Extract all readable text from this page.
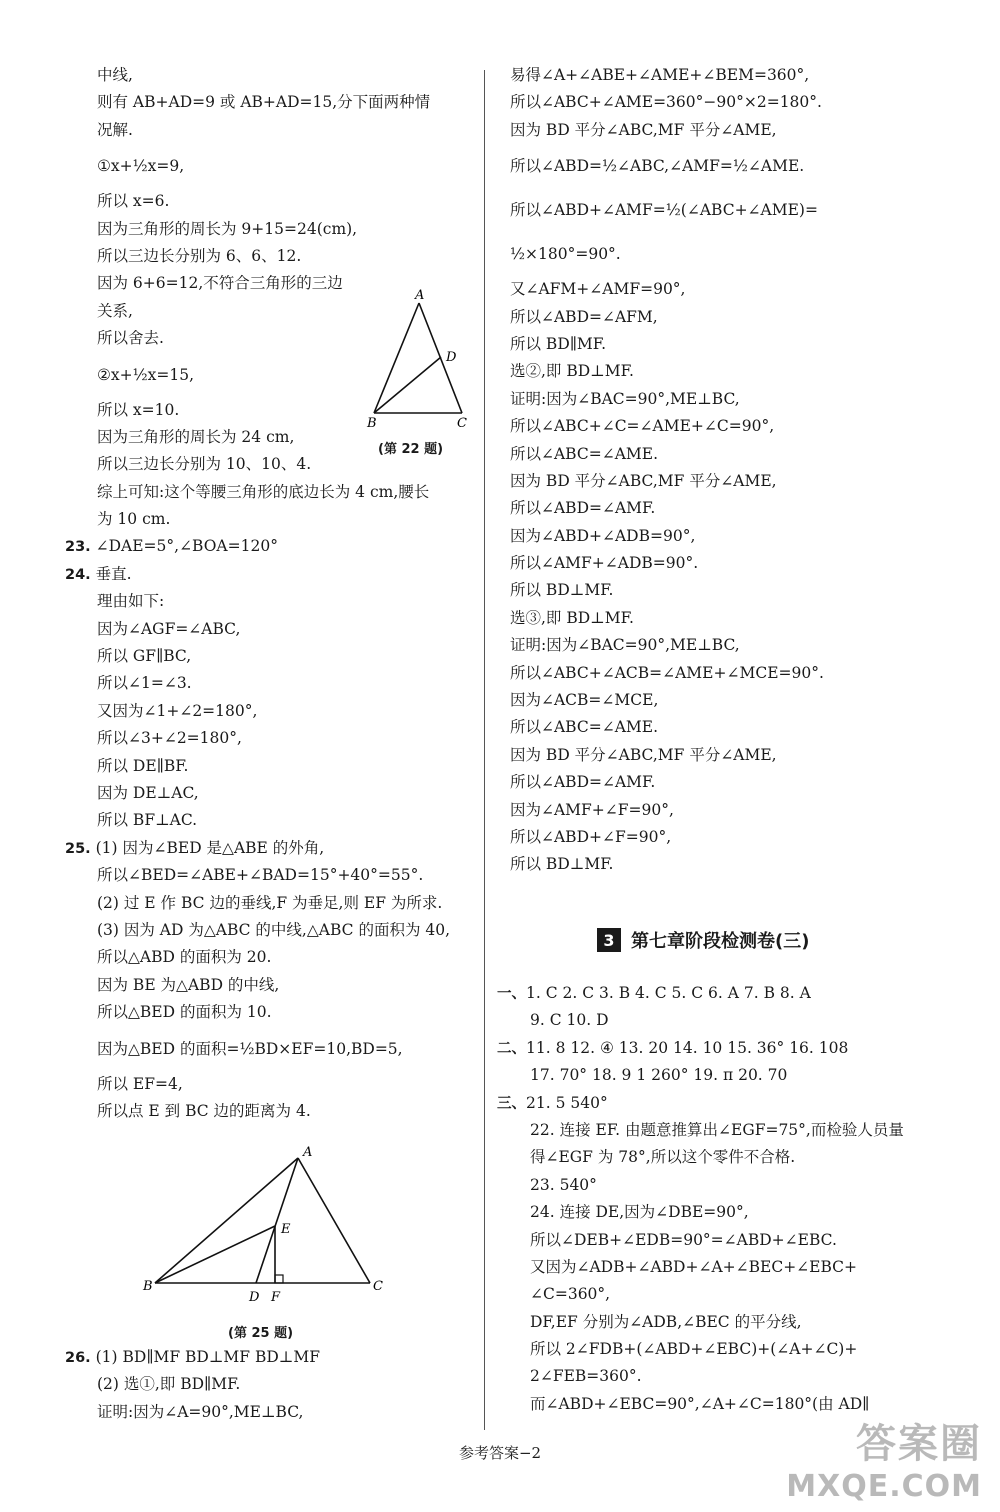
中线,
则有 AB+AD=9 或 AB+AD=15,分下面两种情
况解.
①x+½x=9,
所以 x=6.
因为三角形的周长为 9+15=24(cm),
所以三边长分别为 6、6、12.
因为 6+6=12,不符合三角形的三边
关系,
所以舍去.
②x+½x=15,
所以 x=10.
因为三角形的周长为 24 cm,
所以三边长分别为 10、10、4.
综上可知:这个等腰三角形的底边长为 4 cm,腰长
为 10 cm.
23. ∠DAE=5°,∠BOA=120°
24. 垂直.
理由如下:
因为∠AGF=∠ABC,
所以 GF∥BC,
所以∠1=∠3.
又因为∠1+∠2=180°,
所以∠3+∠2=180°,
所以 DE∥BF.
因为 DE⊥AC,
所以 BF⊥AC.
25. (1) 因为∠BED 是△ABE 的外角,
所以∠BED=∠ABE+∠BAD=15°+40°=55°.
(2) 过 E 作 BC 边的垂线,F 为垂足,则 EF 为所求.
(3) 因为 AD 为△ABC 的中线,△ABC 的面积为 40,
所以△ABD 的面积为 20.
因为 BE 为△ABD 的中线,
所以△BED 的面积为 10.
因为△BED 的面积=½BD×EF=10,BD=5,
所以 EF=4,
所以点 E 到 BC 边的距离为 4.
26. (1) BD∥MF BD⊥MF BD⊥MF
(2) 选①,即 BD∥MF.
证明:因为∠A=90°,ME⊥BC,
易得∠A+∠ABE+∠AME+∠BEM=360°,
所以∠ABC+∠AME=360°−90°×2=180°.
因为 BD 平分∠ABC,MF 平分∠AME,
所以∠ABD=½∠ABC,∠AMF=½∠AME.
所以∠ABD+∠AMF=½(∠ABC+∠AME)=
½×180°=90°.
又∠AFM+∠AMF=90°,
所以∠ABD=∠AFM,
所以 BD∥MF.
选②,即 BD⊥MF.
证明:因为∠BAC=90°,ME⊥BC,
所以∠ABC+∠C=∠AME+∠C=90°,
所以∠ABC=∠AME.
因为 BD 平分∠ABC,MF 平分∠AME,
所以∠ABD=∠AMF.
因为∠ABD+∠ADB=90°,
所以∠AMF+∠ADB=90°.
所以 BD⊥MF.
选③,即 BD⊥MF.
证明:因为∠BAC=90°,ME⊥BC,
所以∠ABC+∠ACB=∠AME+∠MCE=90°.
因为∠ACB=∠MCE,
所以∠ABC=∠AME.
因为 BD 平分∠ABC,MF 平分∠AME,
所以∠ABD=∠AMF.
因为∠AMF+∠F=90°,
所以∠ABD+∠F=90°,
所以 BD⊥MF.
A
B	C
D
(第 22 题)
A
B	C
D
E
F
(第 25 题)
3 第七章阶段检测卷(三)
一、1. C 2. C 3. B 4. C 5. C 6. A 7. B 8. A
9. C 10. D
二、11. 8 12. ④ 13. 20 14. 10 15. 36° 16. 108
17. 70° 18. 9 1 260° 19. π 20. 70
三、21. 5 540°
22. 连接 EF. 由题意推算出∠EGF=75°,而检验人员量
得∠EGF 为 78°,所以这个零件不合格.
23. 540°
24. 连接 DE,因为∠DBE=90°,
所以∠DEB+∠EDB=90°=∠ABD+∠EBC.
又因为∠ADB+∠ABD+∠A+∠BEC+∠EBC+
∠C=360°,
DF,EF 分别为∠ADB,∠BEC 的平分线,
所以 2∠FDB+(∠ABD+∠EBC)+(∠A+∠C)+
2∠FEB=360°.
而∠ABD+∠EBC=90°,∠A+∠C=180°(由 AD∥
参考答案−2	答案圈
MXQE.COM
